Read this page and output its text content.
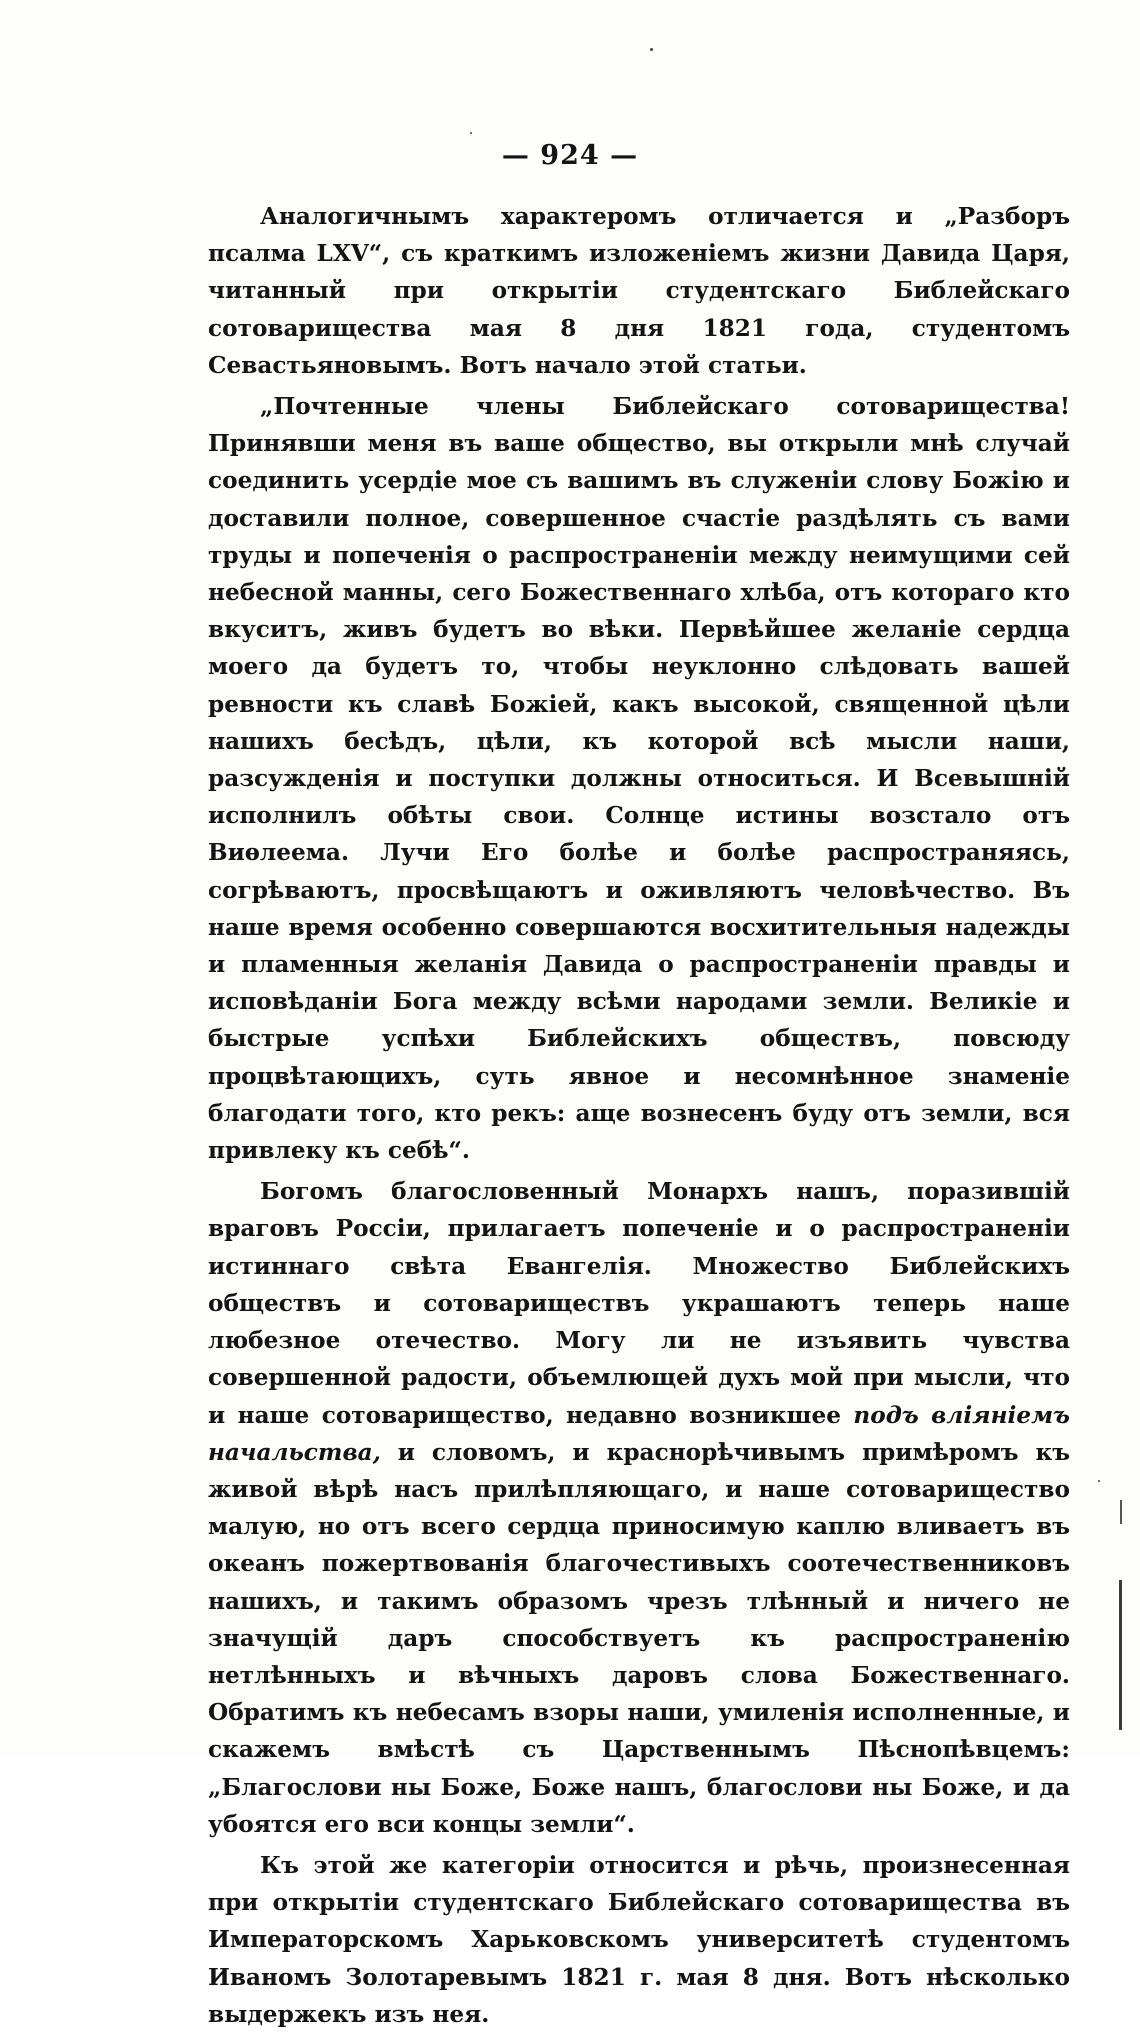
— 924 —

Аналогичнымъ характеромъ отличается и „Разборъ псалма LXV“, съ краткимъ изложеніемъ жизни Давида Царя, читанный при открытіи студентскаго Библейскаго сотоварищества мая 8 дня 1821 года, студентомъ Севастьяновымъ. Вотъ начало этой статьи.

„Почтенные члены Библейскаго сотоварищества! Принявши меня въ ваше общество, вы открыли мнѣ случай соединить усердіе мое съ вашимъ въ служеніи слову Божію и доставили полное, совершенное счастіе раздѣлять съ вами труды и попеченія о распространеніи между неимущими сей небесной манны, сего Божественнаго хлѣба, отъ котораго кто вкуситъ, живъ будетъ во вѣки. Первѣйшее желаніе сердца моего да будетъ то, чтобы неуклонно слѣдовать вашей ревности къ славѣ Божіей, какъ высокой, священной цѣли нашихъ бесѣдъ, цѣли, къ которой всѣ мысли наши, разсужденія и поступки должны относиться. И Всевышній исполнилъ обѣты свои. Солнце истины возстало отъ Виѳлеема. Лучи Его болѣе и болѣе распространяясь, согрѣваютъ, просвѣщаютъ и оживляютъ человѣчество. Въ наше время особенно совершаются восхитительныя надежды и пламенныя желанія Давида о распространеніи правды и исповѣданіи Бога между всѣми народами земли. Великіе и быстрые успѣхи Библейскихъ обществъ, повсюду процвѣтающихъ, суть явное и несомнѣнное знаменіе благодати того, кто рекъ: аще вознесенъ буду отъ земли, вся привлеку къ себѣ“.

Богомъ благословенный Монархъ нашъ, поразившій враговъ Россіи, прилагаетъ попеченіе и о распространеніи истиннаго свѣта Евангелія. Множество Библейскихъ обществъ и сотовариществъ украшаютъ теперь наше любезное отечество. Могу ли не изъявить чувства совершенной радости, объемлющей духъ мой при мысли, что и наше сотоварищество, недавно возникшее подъ вліяніемъ начальства, и словомъ, и краснорѣчивымъ примѣромъ къ живой вѣрѣ насъ прилѣпляющаго, и наше сотоварищество малую, но отъ всего сердца приносимую каплю вливаетъ въ океанъ пожертвованія благочестивыхъ соотечественниковъ нашихъ, и такимъ образомъ чрезъ тлѣнный и ничего не значущій даръ способствуетъ къ распространенію нетлѣнныхъ и вѣчныхъ даровъ слова Божественнаго. Обратимъ къ небесамъ взоры наши, умиленія исполненные, и скажемъ вмѣстѣ съ Царственнымъ Пѣснопѣвцемъ: „Благослови ны Боже, Боже нашъ, благослови ны Боже, и да убоятся его вси концы земли“.

Къ этой же категоріи относится и рѣчь, произнесенная при открытіи студентскаго Библейскаго сотоварищества въ Императорскомъ Харьковскомъ университетѣ студентомъ Иваномъ Золотаревымъ 1821 г. мая 8 дня. Вотъ нѣсколько выдержекъ изъ нея.
